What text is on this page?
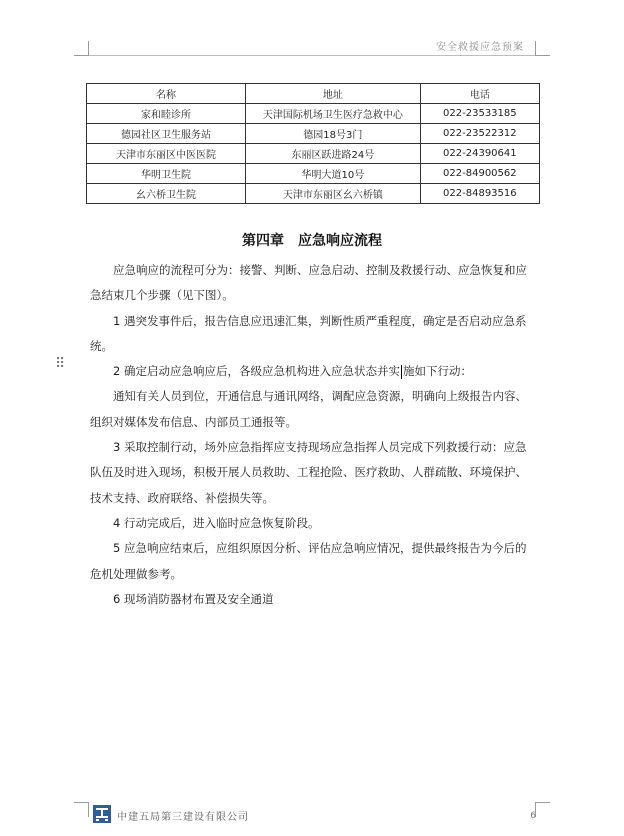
安全救援应急预案
名称	地址	电话
家和睦诊所	天津国际机场卫生医疗急救中心	022-23533185
德园社区卫生服务站	德园18号3门	022-23522312
天津市东丽区中医医院	东丽区跃进路24号	022-24390641
华明卫生院	华明大道10号	022-84900562
幺六桥卫生院	天津市东丽区幺六桥镇	022-84893516
第四章 应急响应流程
⠿

应急响应的流程可分为：接警、判断、应急启动、控制及救援行动、应急恢复和应急结束几个步骤（见下图）。

1 遇突发事件后，报告信息应迅速汇集，判断性质严重程度，确定是否启动应急系统。

2 确定启动应急响应后，各级应急机构进入应急状态并实 施如下行动：

通知有关人员到位，开通信息与通讯网络，调配应急资源，明确向上级报告内容、组织对媒体发布信息、内部员工通报等。

3 采取控制行动，场外应急指挥应支持现场应急指挥人员完成下列救援行动：应急队伍及时进入现场，积极开展人员救助、工程抢险、医疗救助、人群疏散、环境保护、技术支持、政府联络、补偿损失等。

4 行动完成后，进入临时应急恢复阶段。

5 应急响应结束后，应组织原因分析、评估应急响应情况，提供最终报告为今后的危机处理做参考。

6 现场消防器材布置及安全通道

中建五局第三建设有限公司	6
